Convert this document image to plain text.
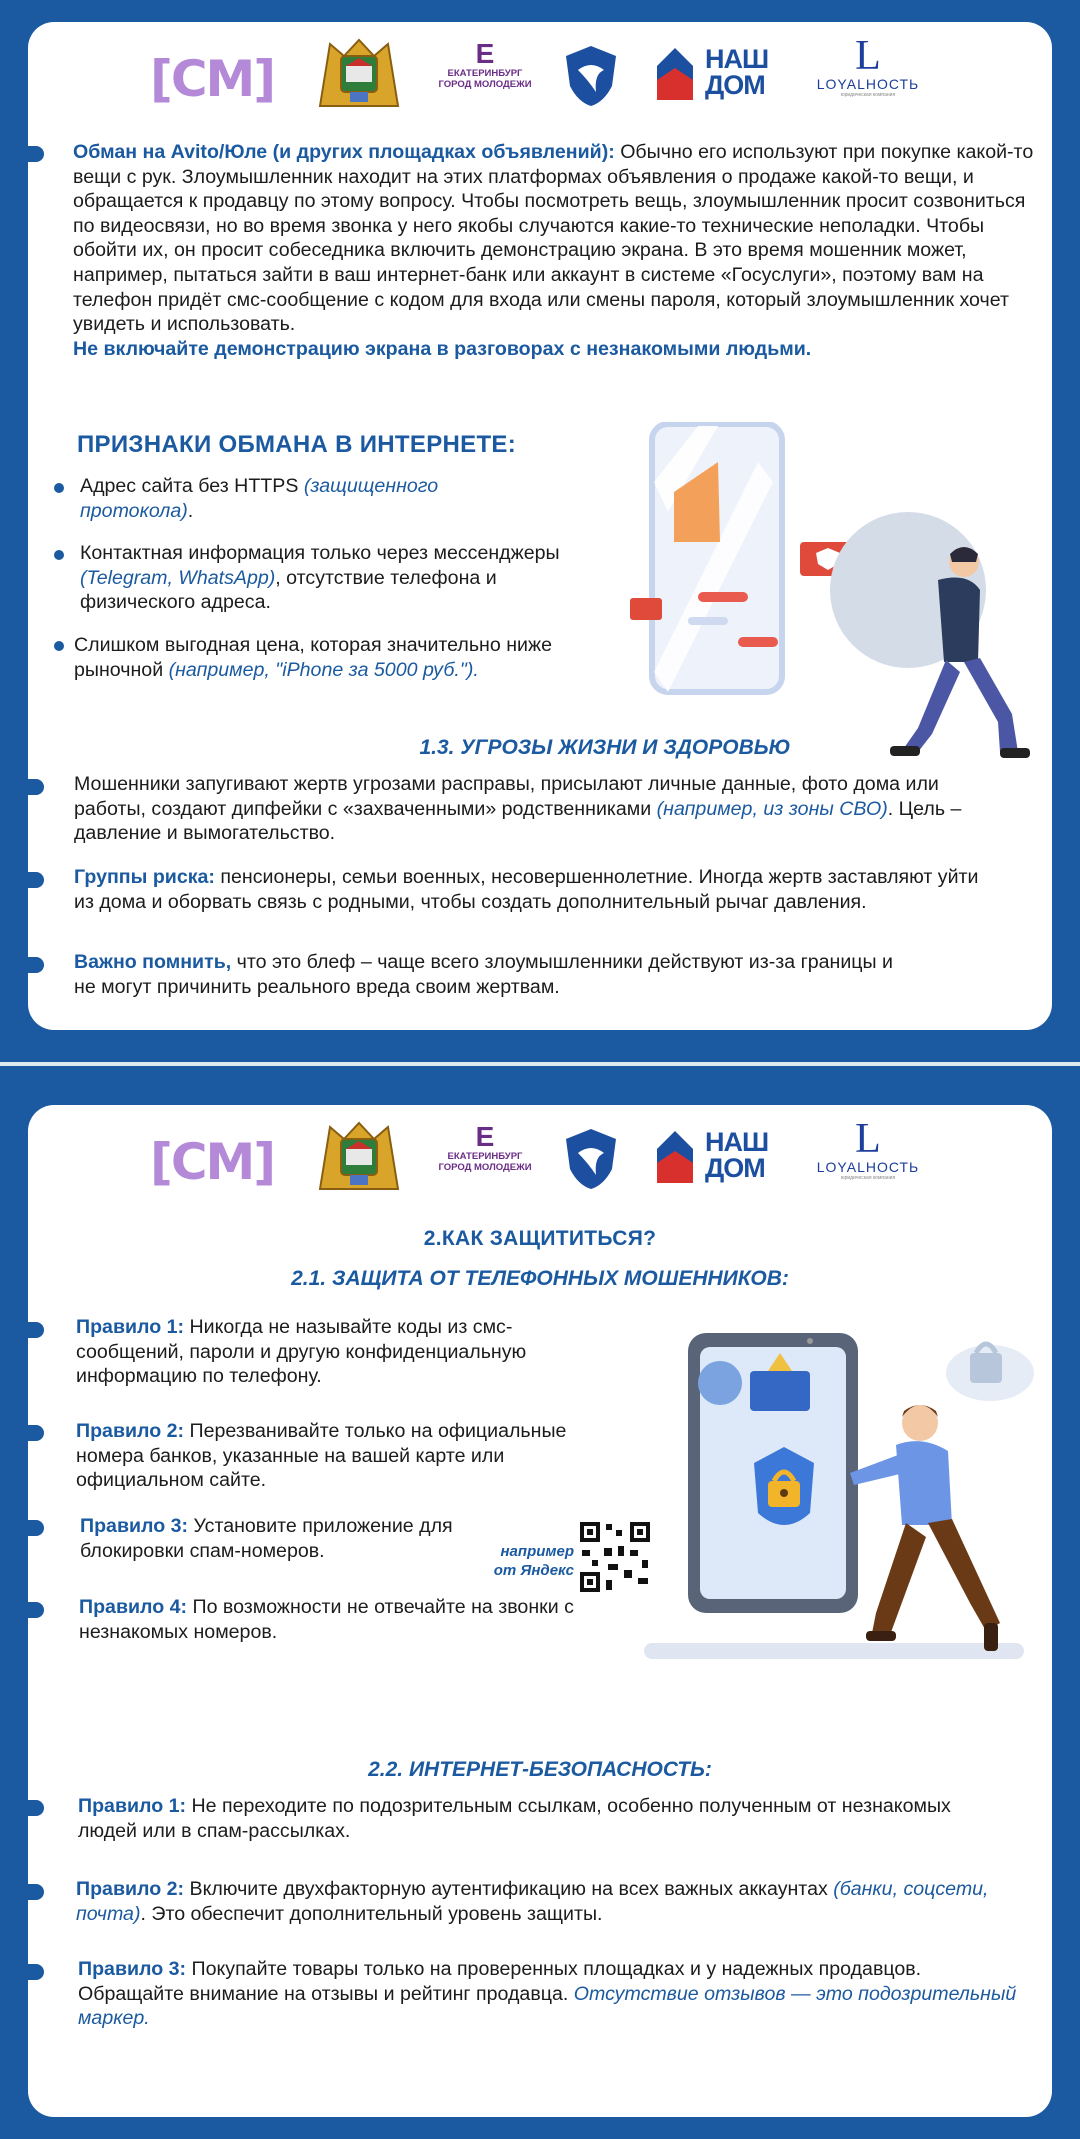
[СМ]	Е
ЕКАТЕРИНБУРГ
ГОРОД МОЛОДЕЖИ
НАШ
ДОМ
L
LOYALНОСТЬ
юридическая компания
Обман на Avito/Юле (и других площадках объявлений): Обычно его используют при покупке какой-то вещи с рук. Злоумышленник находит на этих платформах объявления о продаже какой-то вещи, и обращается к продавцу по этому вопросу. Чтобы посмотреть вещь, злоумышленник просит созвониться по видеосвязи, но во время звонка у него якобы случаются какие-то технические неполадки. Чтобы обойти их, он просит собеседника включить демонстрацию экрана. В это время мошенник может, например, пытаться зайти в ваш интернет-банк или аккаунт в системе «Госуслуги», поэтому вам на телефон придёт смс-сообщение с кодом для входа или смены пароля, который злоумышленник хочет увидеть и использовать.
Не включайте демонстрацию экрана в разговорах с незнакомыми людьми.
ПРИЗНАКИ ОБМАНА В ИНТЕРНЕТЕ:
Адрес сайта без HTTPS (защищенного протокола).
Контактная информация только через мессенджеры (Telegram, WhatsApp), отсутствие телефона и физического адреса.
Слишком выгодная цена, которая значительно ниже рыночной (например, "iPhone за 5000 руб.").
1.3. УГРОЗЫ ЖИЗНИ И ЗДОРОВЬЮ
Мошенники запугивают жертв угрозами расправы, присылают личные данные, фото дома или работы, создают дипфейки с «захваченными» родственниками (например, из зоны СВО). Цель – давление и вымогательство.
Группы риска: пенсионеры, семьи военных, несовершеннолетние. Иногда жертв заставляют уйти из дома и оборвать связь с родными, чтобы создать дополнительный рычаг давления.
Важно помнить, что это блеф – чаще всего злоумышленники действуют из-за границы и не могут причинить реального вреда своим жертвам.
[СМ]	Е
ЕКАТЕРИНБУРГ
ГОРОД МОЛОДЕЖИ
НАШ
ДОМ
L
LOYALНОСТЬ
юридическая компания
2.КАК ЗАЩИТИТЬСЯ?
2.1. ЗАЩИТА ОТ ТЕЛЕФОННЫХ МОШЕННИКОВ:
Правило 1: Никогда не называйте коды из смс-сообщений, пароли и другую конфиденциальную информацию по телефону.
Правило 2: Перезванивайте только на официальные номера банков, указанные на вашей карте или официальном сайте.
Правило 3: Установите приложение для блокировки спам-номеров.	например
от Яндекс
Правило 4: По возможности не отвечайте на звонки с незнакомых номеров.
2.2. ИНТЕРНЕТ-БЕЗОПАСНОСТЬ:
Правило 1: Не переходите по подозрительным ссылкам, особенно полученным от незнакомых людей или в спам-рассылках.
Правило 2: Включите двухфакторную аутентификацию на всех важных аккаунтах (банки, соцсети, почта). Это обеспечит дополнительный уровень защиты.
Правило 3: Покупайте товары только на проверенных площадках и у надежных продавцов. Обращайте внимание на отзывы и рейтинг продавца. Отсутствие отзывов — это подозрительный маркер.
